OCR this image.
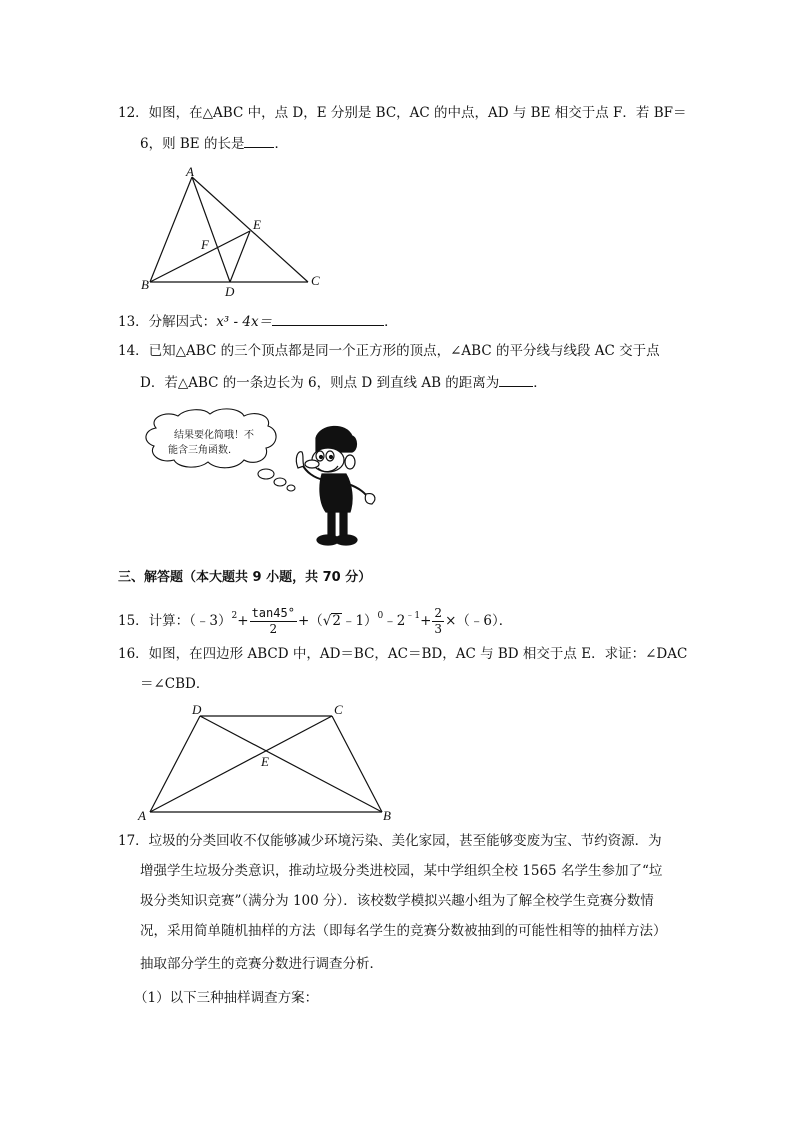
12．如图，在△ABC 中，点 D，E 分别是 BC，AC 的中点，AD 与 BE 相交于点 F．若 BF＝
6，则 BE 的长是 ．
A
B	C
D
E
F
13．分解因式：x³ - 4x＝	．
14．已知△ABC 的三个顶点都是同一个正方形的顶点，∠ABC 的平分线与线段 AC 交于点
D．若△ABC 的一条边长为 6，则点 D 到直线 AB 的距离为	．
结果要化简哦！不
能含三角函数.
三、解答题（本大题共 9 小题，共 70 分）
15．计算：（﹣3）$^2$+ $\frac{\tan 45^\circ}{2}$ $+(√2﹣1)^0﹣2^{﹣1}+ \frac{2}{3}$ ×（﹣6）．
16．如图，在四边形 ABCD 中，AD＝BC，AC＝BD，AC 与 BD 相交于点 E．求证：∠DAC
＝∠CBD．
D	C
A	B
E
17．垃圾的分类回收不仅能够减少环境污染、美化家园，甚至能够变废为宝、节约资源．为
增强学生垃圾分类意识，推动垃圾分类进校园，某中学组织全校 1565 名学生参加了“垃
圾分类知识竞赛”（满分为 100 分）．该校数学模拟兴趣小组为了解全校学生竞赛分数情
况，采用简单随机抽样的方法（即每名学生的竞赛分数被抽到的可能性相等的抽样方法）
抽取部分学生的竞赛分数进行调查分析．
（1）以下三种抽样调查方案：
